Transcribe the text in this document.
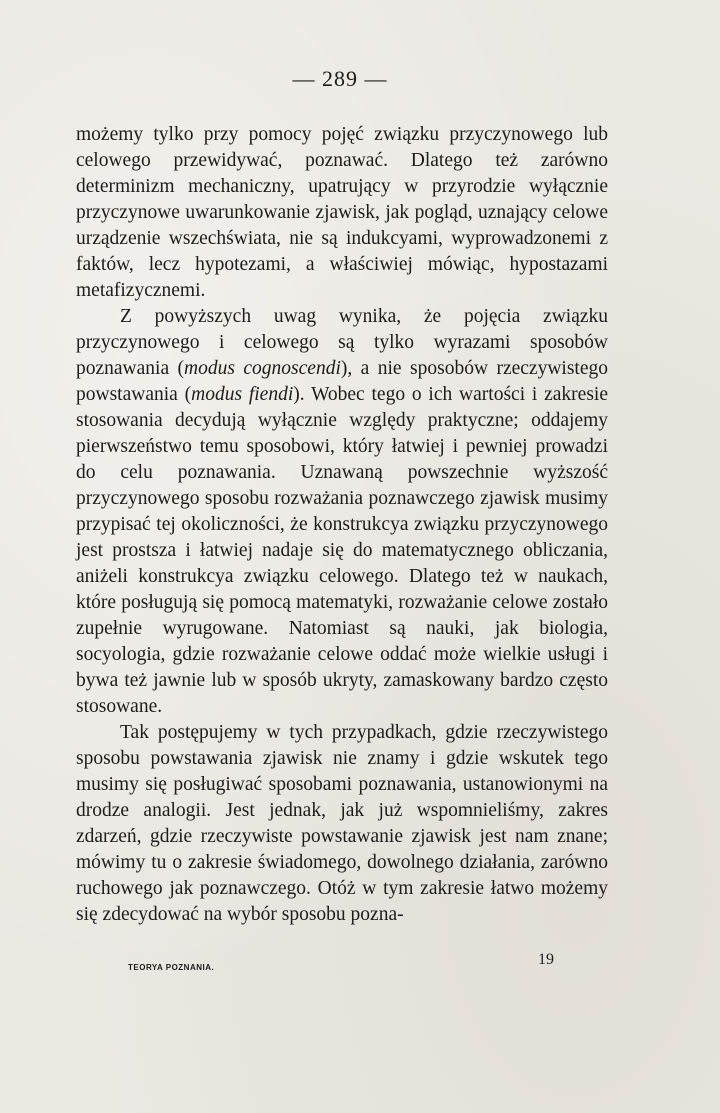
— 289 —

możemy tylko przy pomocy pojęć związku przyczynowego lub celowego przewidywać, poznawać. Dlatego też zarówno determinizm mechaniczny, upatrujący w przyrodzie wyłącznie przyczynowe uwarunkowanie zjawisk, jak pogląd, uznający celowe urządzenie wszechświata, nie są indukcyami, wyprowadzonemi z faktów, lecz hypotezami, a właściwiej mówiąc, hypostazami metafizycznemi.

Z powyższych uwag wynika, że pojęcia związku przyczynowego i celowego są tylko wyrazami sposobów poznawania (modus cognoscendi), a nie sposobów rzeczywistego powstawania (modus fiendi). Wobec tego o ich wartości i zakresie stosowania decydują wyłącznie względy praktyczne; oddajemy pierwszeństwo temu sposobowi, który łatwiej i pewniej prowadzi do celu poznawania. Uznawaną powszechnie wyższość przyczynowego sposobu rozważania poznawczego zjawisk musimy przypisać tej okoliczności, że konstrukcya związku przyczynowego jest prostsza i łatwiej nadaje się do matematycznego obliczania, aniżeli konstrukcya związku celowego. Dlatego też w naukach, które posługują się pomocą matematyki, rozważanie celowe zostało zupełnie wyrugowane. Natomiast są nauki, jak biologia, socyologia, gdzie rozważanie celowe oddać może wielkie usługi i bywa też jawnie lub w sposób ukryty, zamaskowany bardzo często stosowane.

Tak postępujemy w tych przypadkach, gdzie rzeczywistego sposobu powstawania zjawisk nie znamy i gdzie wskutek tego musimy się posługiwać sposobami poznawania, ustanowionymi na drodze analogii. Jest jednak, jak już wspomnieliśmy, zakres zdarzeń, gdzie rzeczywiste powstawanie zjawisk jest nam znane; mówimy tu o zakresie świadomego, dowolnego działania, zarówno ruchowego jak poznawczego. Otóż w tym zakresie łatwo możemy się zdecydować na wybór sposobu pozna-

TEORYA POZNANIA.	19
